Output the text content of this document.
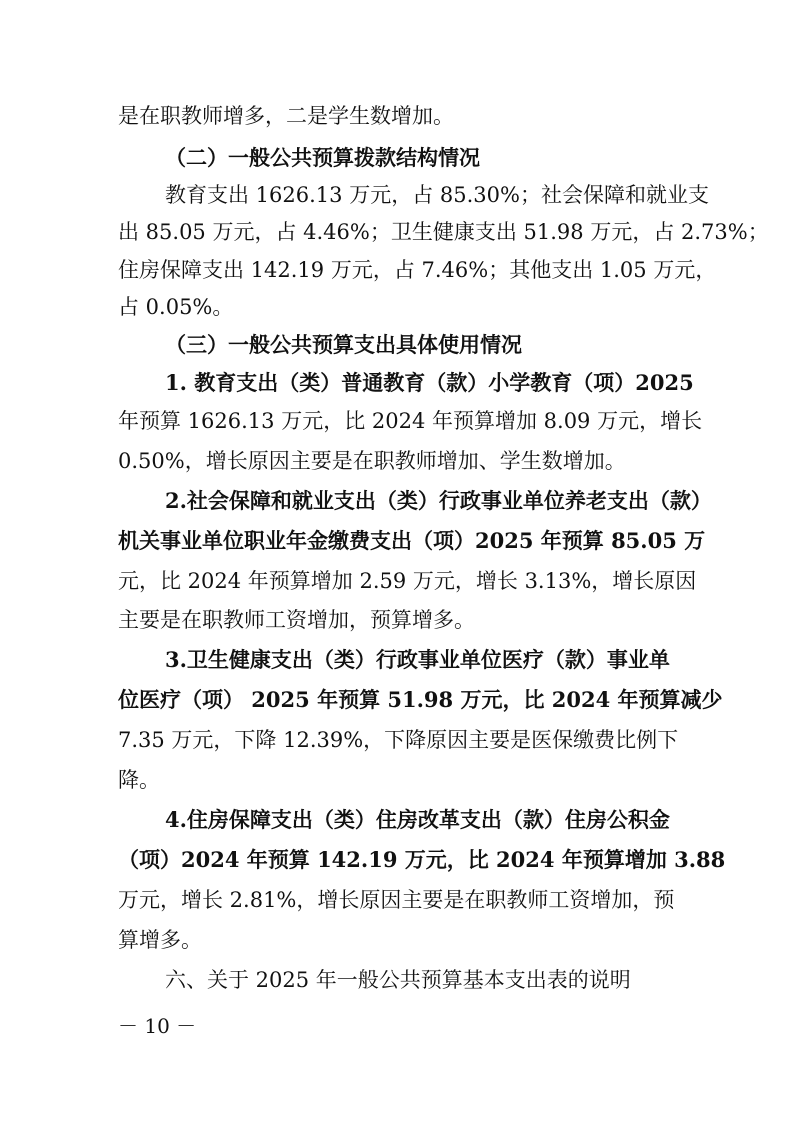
是在职教师增多，二是学生数增加。
（二）一般公共预算拨款结构情况
教育支出 1626.13 万元，占 85.30%；社会保障和就业支
出 85.05 万元，占 4.46%；卫生健康支出 51.98 万元，占 2.73%；
住房保障支出 142.19 万元，占 7.46%；其他支出 1.05 万元，
占 0.05%。
（三）一般公共预算支出具体使用情况
1. 教育支出（类）普通教育（款）小学教育（项）2025
年预算 1626.13 万元，比 2024 年预算增加 8.09 万元，增长
0.50%，增长原因主要是在职教师增加、学生数增加。
2.社会保障和就业支出（类）行政事业单位养老支出（款）
机关事业单位职业年金缴费支出（项）2025 年预算 85.05 万
元，比 2024 年预算增加 2.59 万元，增长 3.13%，增长原因
主要是在职教师工资增加，预算增多。
3.卫生健康支出（类）行政事业单位医疗（款）事业单
位医疗（项） 2025 年预算 51.98 万元，比 2024 年预算减少
7.35 万元，下降 12.39%，下降原因主要是医保缴费比例下
降。
4.住房保障支出（类）住房改革支出（款）住房公积金
（项）2024 年预算 142.19 万元，比 2024 年预算增加 3.88
万元，增长 2.81%，增长原因主要是在职教师工资增加，预
算增多。
六、关于 2025 年一般公共预算基本支出表的说明
－ 10 －
